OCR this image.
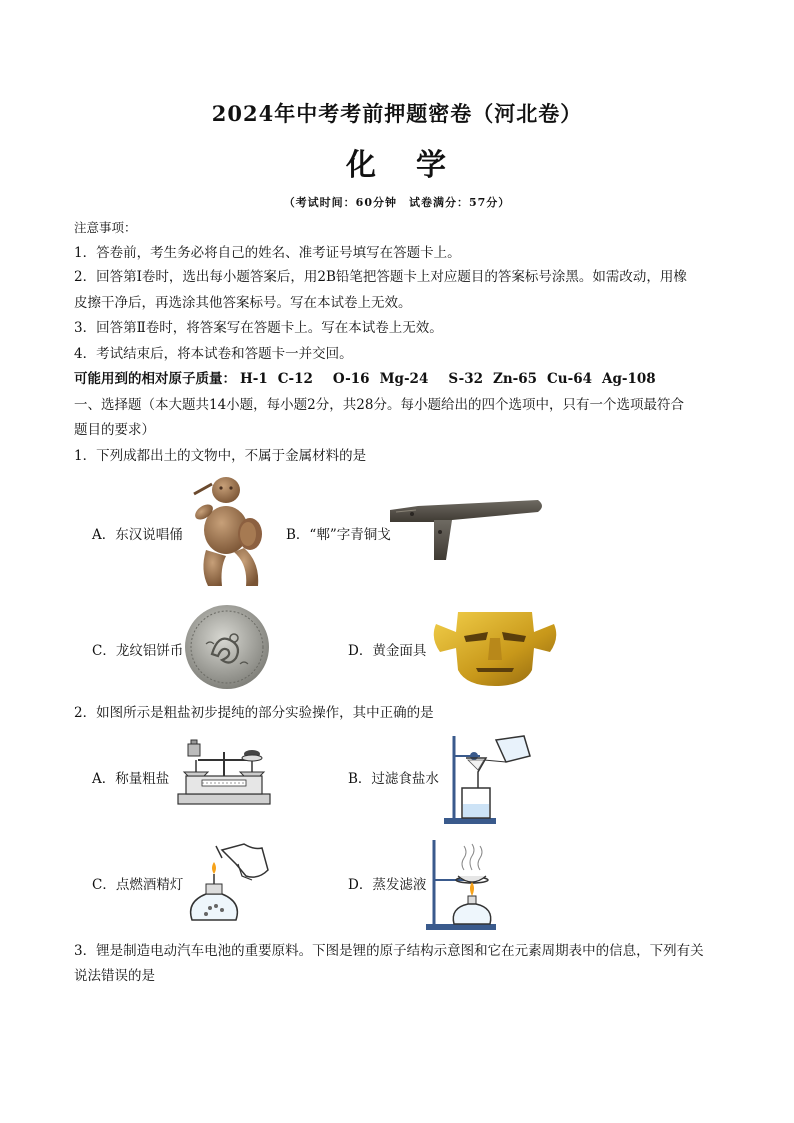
2024年中考考前押题密卷（河北卷）
化 学
（考试时间：60分钟　试卷满分：57分）
注意事项：
1．答卷前，考生务必将自己的姓名、准考证号填写在答题卡上。
2．回答第Ⅰ卷时，选出每小题答案后，用2B铅笔把答题卡上对应题目的答案标号涂黑。如需改动，用橡
皮擦干净后，再选涂其他答案标号。写在本试卷上无效。
3．回答第Ⅱ卷时，将答案写在答题卡上。写在本试卷上无效。
4．考试结束后，将本试卷和答题卡一并交回。
可能用到的相对原子质量： H-1 C-12 O-16 Mg-24 S-32 Zn-65 Cu-64 Ag-108
一、选择题（本大题共14小题，每小题2分，共28分。每小题给出的四个选项中，只有一个选项最符合
题目的要求）
1．下列成都出土的文物中，不属于金属材料的是
A．东汉说唱俑	B．“郫”字青铜戈
C．龙纹铝饼币	D．黄金面具
2．如图所示是粗盐初步提纯的部分实验操作，其中正确的是
A．称量粗盐	B．过滤食盐水
C．点燃酒精灯	D．蒸发滤液
3．锂是制造电动汽车电池的重要原料。下图是锂的原子结构示意图和它在元素周期表中的信息，下列有关
说法错误的是
